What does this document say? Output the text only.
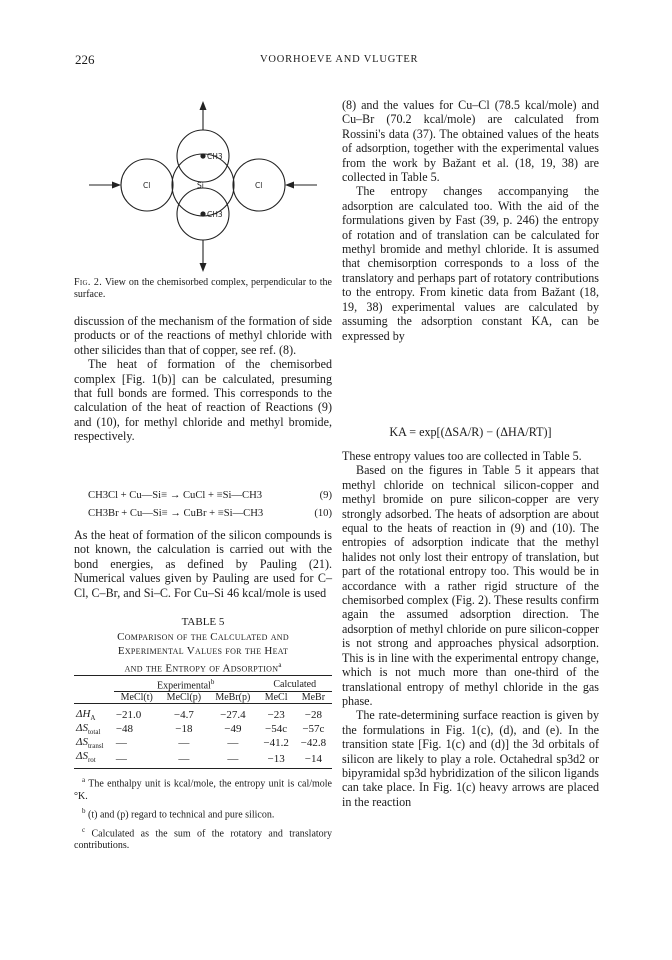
226	VOORHOEVE AND VLUGTER
CH3
Cl	Si	Cl
CH3
Fig. 2. View on the chemisorbed complex, perpendicular to the surface.

discussion of the mechanism of the formation of side products or of the reactions of methyl chloride with other silicides than that of copper, see ref. (8).

The heat of formation of the chemisorbed complex [Fig. 1(b)] can be calculated, presuming that full bonds are formed. This corresponds to the calculation of the heat of reaction of Reactions (9) and (10), for methyl chloride and methyl bromide, respectively.

CH3Cl + Cu—Si≡ → CuCl + ≡Si—CH3	(9)
CH3Br + Cu—Si≡ → CuBr + ≡Si—CH3	(10)

As the heat of formation of the silicon compounds is not known, the calculation is carried out with the bond energies, as defined by Pauling (21). Numerical values given by Pauling are used for C–Cl, C–Br, and Si–C. For Cu–Si 46 kcal/mole is used

TABLE 5
Comparison of the Calculated and
Experimental Values for the Heat
and the Entropy of Adsorption$^a$
	Experimental$^b$			Calculated	
	MeCl(t)	MeCl(p)	MeBr(p)	MeCl	MeBr

$\Delta H_A$	−21.0	−4.7	−27.4	−23	−28
$\Delta S_{total}$	−48	−18	−49	−54c	−57c
$\Delta S_{transl}$	—	—	—	−41.2	−42.8
$\Delta S_{rot}$	—	—	—	−13	−14
$^a$ The enthalpy unit is kcal/mole, the entropy unit is cal/mole °K.
$^b$ (t) and (p) regard to technical and pure silicon.
$^c$ Calculated as the sum of the rotatory and translatory contributions.

(8) and the values for Cu–Cl (78.5 kcal/mole) and Cu–Br (70.2 kcal/mole) are calculated from Rossini's data (37). The obtained values of the heats of adsorption, together with the experimental values from the work by Bažant et al. (18, 19, 38) are collected in Table 5.

The entropy changes accompanying the adsorption are calculated too. With the aid of the formulations given by Fast (39, p. 246) the entropy of rotation and of translation can be calculated for methyl bromide and methyl chloride. It is assumed that chemisorption corresponds to a loss of the translatory and perhaps part of rotatory contributions to the entropy. From kinetic data from Bažant (18, 19, 38) experimental values are calculated by assuming the adsorption constant KA, can be expressed by

KA = exp[(ΔSA/R) − (ΔHA/RT)]

These entropy values too are collected in Table 5.

Based on the figures in Table 5 it appears that methyl chloride on technical silicon-copper and methyl bromide on pure silicon-copper are very strongly adsorbed. The heats of adsorption are about equal to the heats of reaction in (9) and (10). The entropies of adsorption indicate that the methyl halides not only lost their entropy of translation, but part of the rotational entropy too. This would be in accordance with a rather rigid structure of the chemisorbed complex (Fig. 2). These results confirm again the assumed adsorption direction. The adsorption of methyl chloride on pure silicon-copper is not strong and approaches physical adsorption. This is in line with the experimental entropy change, which is not much more than one-third of the translational entropy of methyl chloride in the gas phase.

The rate-determining surface reaction is given by the formulations in Fig. 1(c), (d), and (e). In the transition state [Fig. 1(c) and (d)] the 3d orbitals of silicon are likely to play a role. Octahedral sp3d2 or bipyramidal sp3d hybridization of the silicon ligands can take place. In Fig. 1(c) heavy arrows are placed in the reaction
